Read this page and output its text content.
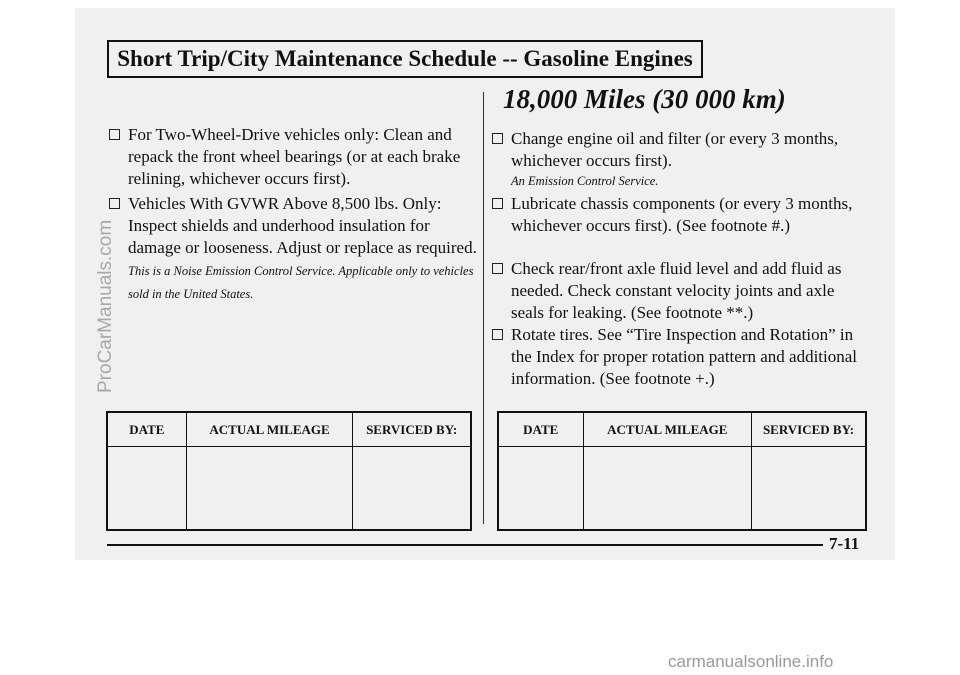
Short Trip/City Maintenance Schedule -- Gasoline Engines
For Two-Wheel-Drive vehicles only: Clean and repack the front wheel bearings (or at each brake relining, whichever occurs first).
Vehicles With GVWR Above 8,500 lbs. Only: Inspect shields and underhood insulation for damage or looseness. Adjust or replace as required. This is a Noise Emission Control Service. Applicable only to vehicles sold in the United States.
DATE	ACTUAL MILEAGE	SERVICED BY:

18,000 Miles (30 000 km)
Change engine oil and filter (or every 3 months, whichever occurs first).
An Emission Control Service.
Lubricate chassis components (or every 3 months, whichever occurs first). (See footnote #.)
Check rear/front axle fluid level and add fluid as needed. Check constant velocity joints and axle seals for leaking. (See footnote **.)
Rotate tires. See “Tire Inspection and Rotation” in the Index for proper rotation pattern and additional information. (See footnote +.)
DATE	ACTUAL MILEAGE	SERVICED BY:

7-11
ProCarManuals.com
carmanualsonline.info
